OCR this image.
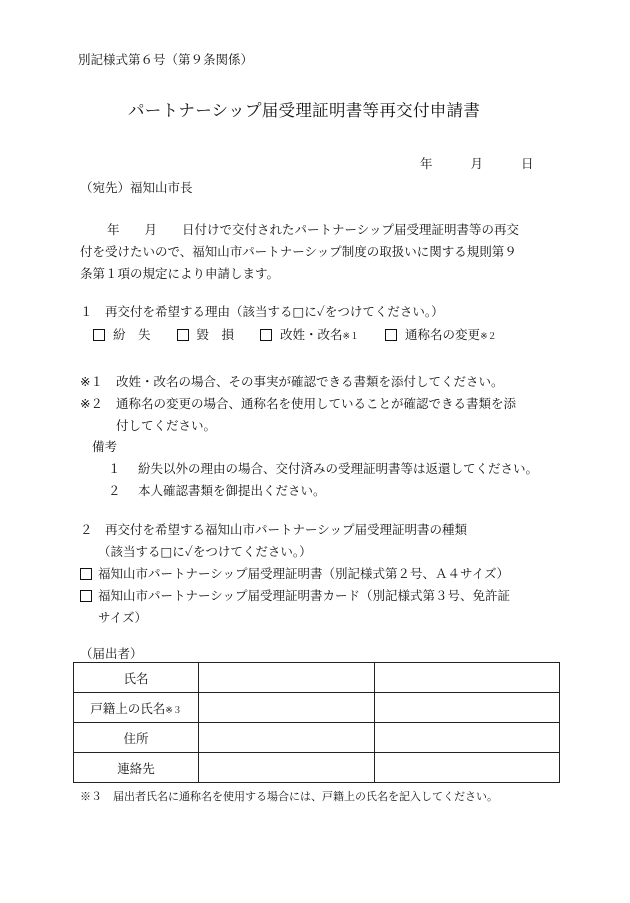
別記様式第６号（第９条関係）
パートナーシップ届受理証明書等再交付申請書
年	月	日
（宛先）福知山市長
年　　月　　日付けで交付されたパートナーシップ届受理証明書等の再交
付を受けたいので、福知山市パートナーシップ制度の取扱いに関する規則第９
条第１項の規定により申請します。
１　再交付を希望する理由（該当する□に✓をつけてください。）
紛　失	毀　損	改姓・改名※１	通称名の変更※２
※１ 改姓・改名の場合、その事実が確認できる書類を添付してください。
※２ 通称名の変更の場合、通称名を使用していることが確認できる書類を添
付してください。
備考
１ 紛失以外の理由の場合、交付済みの受理証明書等は返還してください。
２ 本人確認書類を御提出ください。
２　再交付を希望する福知山市パートナーシップ届受理証明書の種類
（該当する□に✓をつけてください。）
福知山市パートナーシップ届受理証明書（別記様式第２号、Ａ４サイズ）
福知山市パートナーシップ届受理証明書カード（別記様式第３号、免許証
サイズ）
（届出者）
氏名		
戸籍上の氏名※３		
住所		
連絡先		
※３　届出者氏名に通称名を使用する場合には、戸籍上の氏名を記入してください。
